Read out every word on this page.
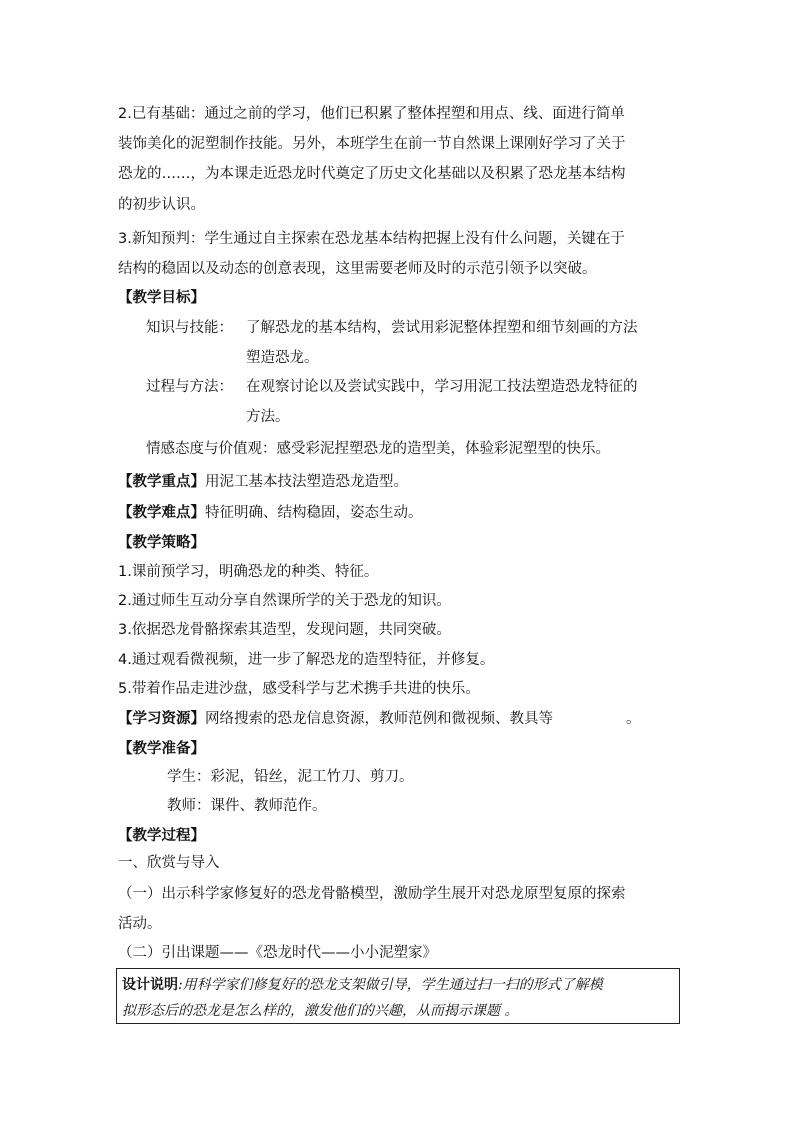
2.已有基础：通过之前的学习，他们已积累了整体捏塑和用点、线、面进行简单
装饰美化的泥塑制作技能。另外，本班学生在前一节自然课上课刚好学习了关于
恐龙的……，为本课走近恐龙时代奠定了历史文化基础以及积累了恐龙基本结构
的初步认识。
3.新知预判：学生通过自主探索在恐龙基本结构把握上没有什么问题，关键在于
结构的稳固以及动态的创意表现，这里需要老师及时的示范引领予以突破。
【教学目标】
知识与技能： 了解恐龙的基本结构，尝试用彩泥整体捏塑和细节刻画的方法
塑造恐龙。
过程与方法： 在观察讨论以及尝试实践中，学习用泥工技法塑造恐龙特征的
方法。
情感态度与价值观：感受彩泥捏塑恐龙的造型美，体验彩泥塑型的快乐。
【教学重点】用泥工基本技法塑造恐龙造型。
【教学难点】特征明确、结构稳固，姿态生动。
【教学策略】
1.课前预学习，明确恐龙的种类、特征。
2.通过师生互动分享自然课所学的关于恐龙的知识。
3.依据恐龙骨骼探索其造型，发现问题，共同突破。
4.通过观看微视频，进一步了解恐龙的造型特征，并修复。
5.带着作品走进沙盘，感受科学与艺术携手共进的快乐。
【学习资源】网络搜索的恐龙信息资源，教师范例和微视频、教具等	。
【教学准备】
学生：彩泥，铅丝，泥工竹刀、剪刀。
教师：课件、教师范作。
【教学过程】
一、欣赏与导入
（一）出示科学家修复好的恐龙骨骼模型，激励学生展开对恐龙原型复原的探索
活动。
（二）引出课题——《恐龙时代——小小泥塑家》
设计说明:用科学家们修复好的恐龙支架做引导，学生通过扫一扫的形式了解模
拟形态后的恐龙是怎么样的，激发他们的兴趣，从而揭示课题 。
